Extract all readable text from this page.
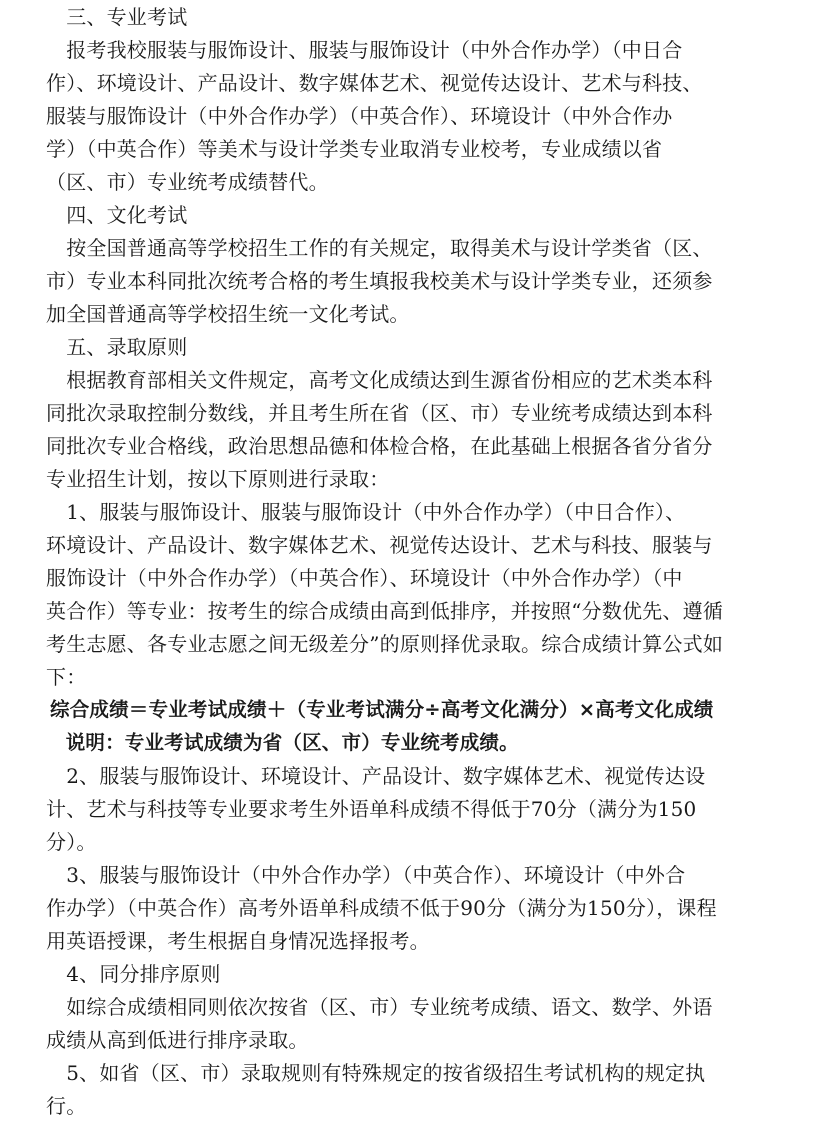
　三、专业考试
　报考我校服装与服饰设计、服装与服饰设计（中外合作办学）（中日合
作）、环境设计、产品设计、数字媒体艺术、视觉传达设计、艺术与科技、
服装与服饰设计（中外合作办学）（中英合作）、环境设计（中外合作办
学）（中英合作）等美术与设计学类专业取消专业校考，专业成绩以省
（区、市）专业统考成绩替代。
　四、文化考试
　按全国普通高等学校招生工作的有关规定，取得美术与设计学类省（区、
市）专业本科同批次统考合格的考生填报我校美术与设计学类专业，还须参
加全国普通高等学校招生统一文化考试。
　五、录取原则
　根据教育部相关文件规定，高考文化成绩达到生源省份相应的艺术类本科
同批次录取控制分数线，并且考生所在省（区、市）专业统考成绩达到本科
同批次专业合格线，政治思想品德和体检合格，在此基础上根据各省分省分
专业招生计划，按以下原则进行录取：
　1、服装与服饰设计、服装与服饰设计（中外合作办学）（中日合作）、
环境设计、产品设计、数字媒体艺术、视觉传达设计、艺术与科技、服装与
服饰设计（中外合作办学）（中英合作）、环境设计（中外合作办学）（中
英合作）等专业：按考生的综合成绩由高到低排序，并按照“分数优先、遵循
考生志愿、各专业志愿之间无级差分”的原则择优录取。综合成绩计算公式如
下：
综合成绩＝专业考试成绩＋（专业考试满分÷高考文化满分）×高考文化成绩
　说明：专业考试成绩为省（区、市）专业统考成绩。
　2、服装与服饰设计、环境设计、产品设计、数字媒体艺术、视觉传达设
计、艺术与科技等专业要求考生外语单科成绩不得低于70分（满分为150
分）。
　3、服装与服饰设计（中外合作办学）（中英合作）、环境设计（中外合
作办学）（中英合作）高考外语单科成绩不低于90分（满分为150分），课程
用英语授课，考生根据自身情况选择报考。
　4、同分排序原则
　如综合成绩相同则依次按省（区、市）专业统考成绩、语文、数学、外语
成绩从高到低进行排序录取。
　5、如省（区、市）录取规则有特殊规定的按省级招生考试机构的规定执
行。
